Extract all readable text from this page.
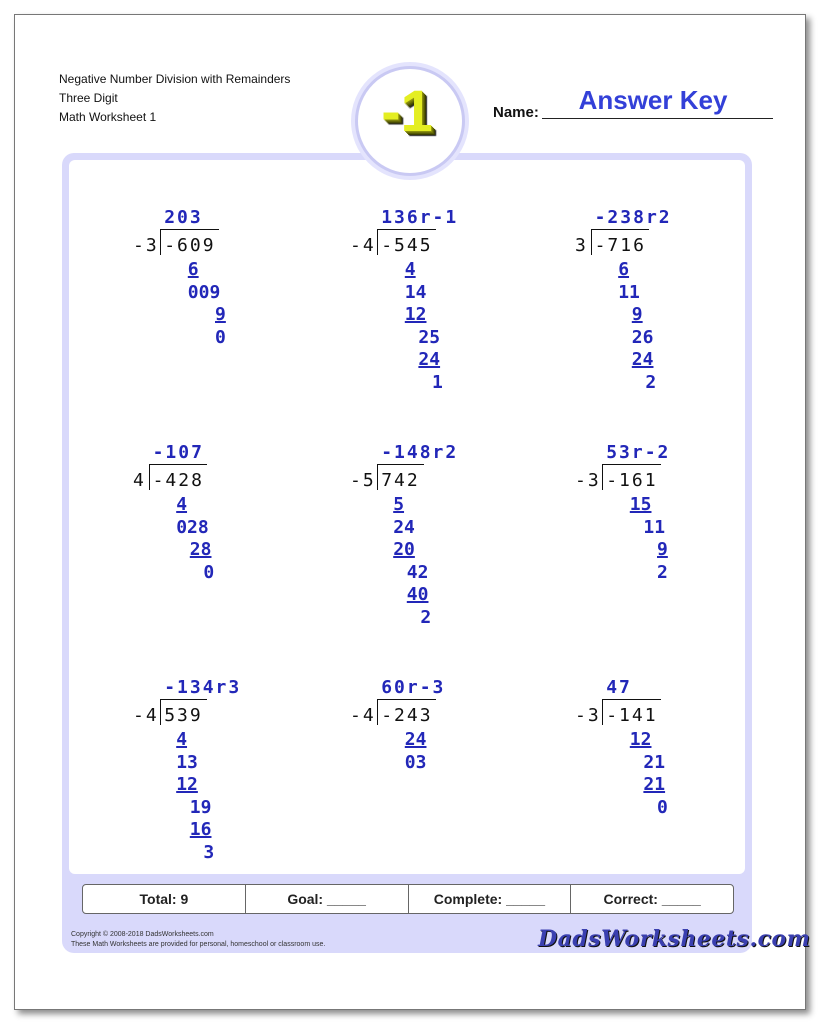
Negative Number Division with Remainders
Three Digit
Math Worksheet 1	Name:	Answer Key
-1
203
-3 -609
6
009
9
0
136r-1
-4 -545
4
14
12
25
24
1
-238r2
3 -716
6
11
9
26
24
2
-107
4 -428
4
028
28
0
-148r2
-5 742
5
24
20
42
40
2
53r-2
-3 -161
15
11
9
2
-134r3
-4 539
4
13
12
19
16
3
60r-3
-4 -243
24
03
47
-3 -141
12
21
21
0
Total: 9	Goal: _____	Complete: _____	Correct: _____
Copyright © 2008-2018 DadsWorksheets.com
These Math Worksheets are provided for personal, homeschool or classroom use.	DadsWorksheets.com
